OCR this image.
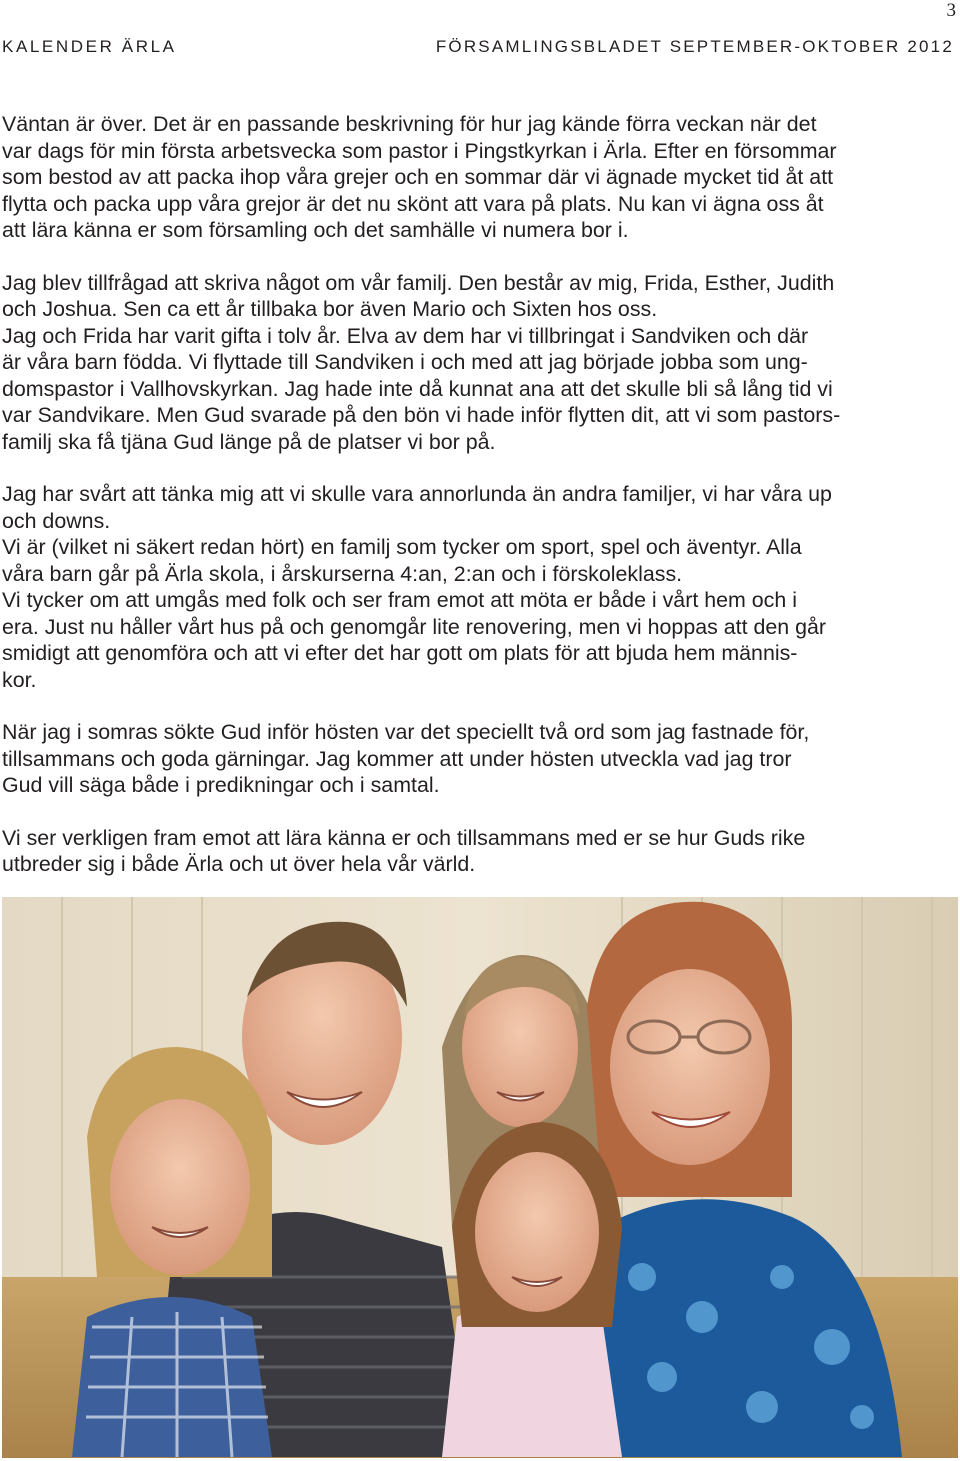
3
KALENDER ÄRLA	FÖRSAMLINGSBLADET SEPTEMBER-OKTOBER 2012

Väntan är över. Det är en passande beskrivning för hur jag kände förra veckan när det
var dags för min första arbetsvecka som pastor i Pingstkyrkan i Ärla. Efter en försommar
som bestod av att packa ihop våra grejer och en sommar där vi ägnade mycket tid åt att
flytta och packa upp våra grejor är det nu skönt att vara på plats. Nu kan vi ägna oss åt
att lära känna er som församling och det samhälle vi numera bor i.

Jag blev tillfrågad att skriva något om vår familj. Den består av mig, Frida, Esther, Judith
och Joshua. Sen ca ett år tillbaka bor även Mario och Sixten hos oss.
Jag och Frida har varit gifta i tolv år. Elva av dem har vi tillbringat i Sandviken och där
är våra barn födda. Vi flyttade till Sandviken i och med att jag började jobba som ung-
domspastor i Vallhovskyrkan. Jag hade inte då kunnat ana att det skulle bli så lång tid vi
var Sandvikare. Men Gud svarade på den bön vi hade inför flytten dit, att vi som pastors-
familj ska få tjäna Gud länge på de platser vi bor på.

Jag har svårt att tänka mig att vi skulle vara annorlunda än andra familjer, vi har våra up
och downs.
Vi är (vilket ni säkert redan hört) en familj som tycker om sport, spel och äventyr. Alla
våra barn går på Ärla skola, i årskurserna 4:an, 2:an och i förskoleklass.
Vi tycker om att umgås med folk och ser fram emot att möta er både i vårt hem och i
era. Just nu håller vårt hus på och genomgår lite renovering, men vi hoppas att den går
smidigt att genomföra och att vi efter det har gott om plats för att bjuda hem männis-
kor.

När jag i somras sökte Gud inför hösten var det speciellt två ord som jag fastnade för,
tillsammans och goda gärningar. Jag kommer att under hösten utveckla vad jag tror
Gud vill säga både i predikningar och i samtal.

Vi ser verkligen fram emot att lära känna er och tillsammans med er se hur Guds rike
utbreder sig i både Ärla och ut över hela vår värld.
